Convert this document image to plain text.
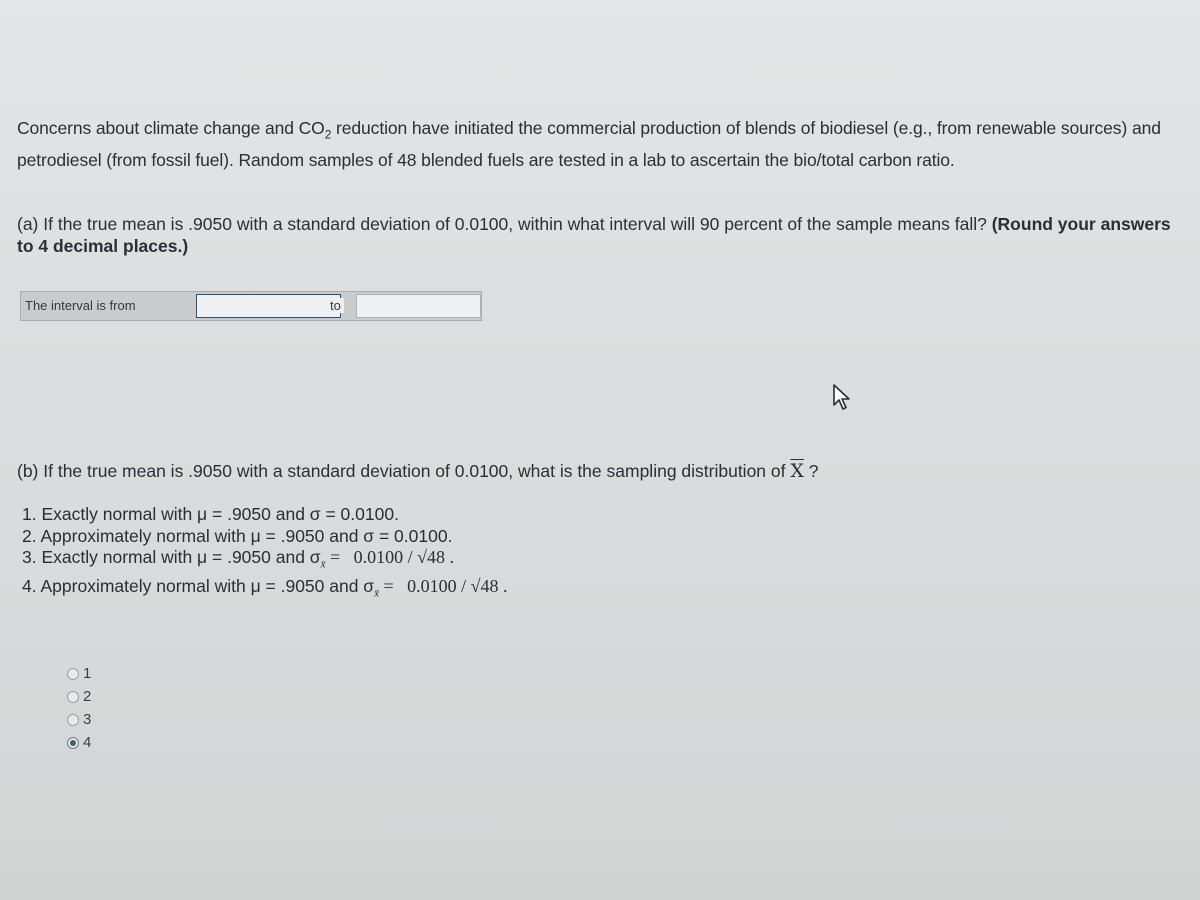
Concerns about climate change and $CO_2$ reduction have initiated the commercial production of blends of biodiesel (e.g., from renewable sources) and petrodiesel (from fossil fuel). Random samples of 48 blended fuels are tested in a lab to ascertain the bio/total carbon ratio.
(a) If the true mean is .9050 with a standard deviation of 0.0100, within what interval will 90 percent of the sample means fall? (Round your answers to 4 decimal places.)
The interval is from	to
(b) If the true mean is .9050 with a standard deviation of 0.0100, what is the sampling distribution of $\overline{X}$ ?
1. Exactly normal with μ = .9050 and σ = 0.0100.
2. Approximately normal with μ = .9050 and σ = 0.0100.
3. Exactly normal with μ = .9050 and $\sigma_{x̄} = 0.0100 / √48$ .
4. Approximately normal with μ = .9050 and $\sigma_{x̄} = 0.0100 / √48$ .
1
2
3
4
